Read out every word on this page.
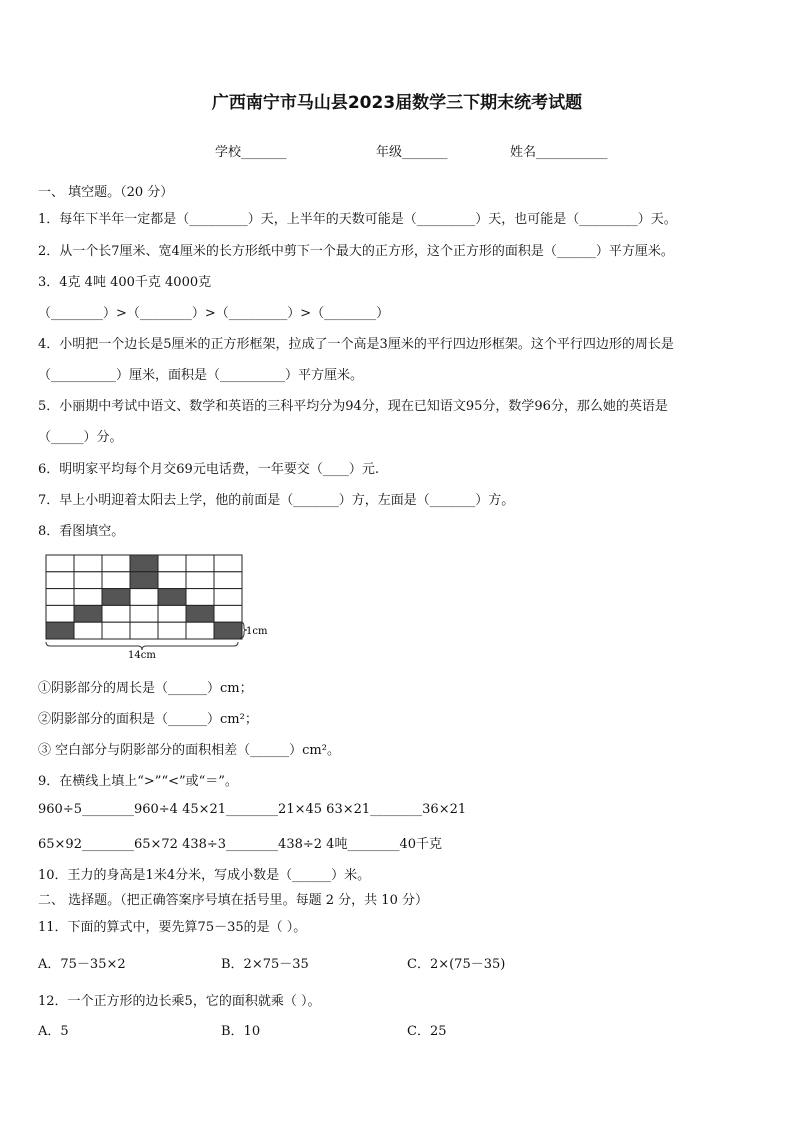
广西南宁市马山县2023届数学三下期末统考试题
学校_______	年级_______	姓名___________
一、 填空题。（20 分）
1．每年下半年一定都是（_________）天，上半年的天数可能是（_________）天，也可能是（_________）天。
2．从一个长7厘米、宽4厘米的长方形纸中剪下一个最大的正方形，这个正方形的面积是（______）平方厘米。
3．4克 4吨 400千克 4000克
（________）>（________）>（_________）>（________）
4．小明把一个边长是5厘米的正方形框架，拉成了一个高是3厘米的平行四边形框架。这个平行四边形的周长是
（__________）厘米，面积是（__________）平方厘米。
5．小丽期中考试中语文、数学和英语的三科平均分为94分，现在已知语文95分，数学96分，那么她的英语是
（_____）分。
6．明明家平均每个月交69元电话费，一年要交（____）元.
7．早上小明迎着太阳去上学，他的前面是（_______）方，左面是（_______）方。
8．看图填空。
1cm
14cm
①阴影部分的周长是（______）cm；
②阴影部分的面积是（______）cm²；
③ 空白部分与阴影部分的面积相差（______）cm²。
9．在横线上填上“>”“<”或“＝”。
960÷5________960÷4 45×21________21×45 63×21________36×21
65×92________65×72 438÷3________438÷2 4吨________40千克
10．王力的身高是1米4分米，写成小数是（______）米。
二、 选择题。（把正确答案序号填在括号里。每题 2 分，共 10 分）
11．下面的算式中，要先算75－35的是（ ）。
A．75－35×2	B．2×75－35	C．2×(75－35)
12．一个正方形的边长乘5，它的面积就乘（ ）。
A．5	B．10	C．25
